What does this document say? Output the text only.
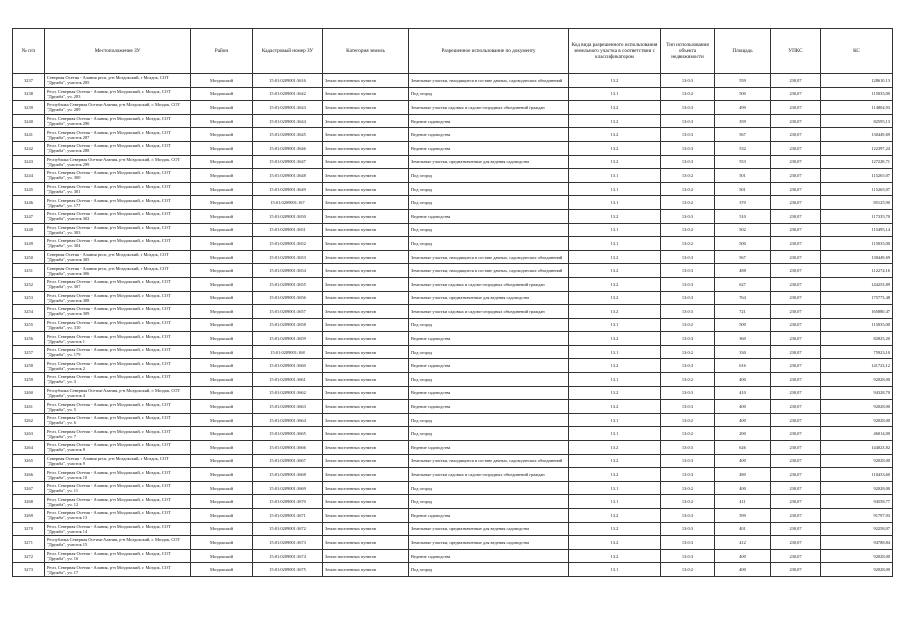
№ п/п	Местоположение ЗУ	Район	Кадастровый номер ЗУ	Категория земель	Разрешенное использование по документу	Код вида разрешенного использования земельного участка в соответствии с классификатором	Тип использования объекта недвижимости	Площадь	УПКС	КС
3237	Северная Осетия - Алания респ, р-н Моздокский, г Моздок, СОТ "Дружба", участок 285	Моздокский	15:01:0209001:3616	Земли населенных пунктов	Земельные участки, находящиеся в составе дачных, садоводческих объединений	13.2	13:0:3	559	230,07	128610,13
3238	Респ. Северная Осетия - Алания, р-н Моздокский, г. Моздок, СОТ "Дружба", уч. 283	Моздокский	15:01:0209001:3642	Земли населенных пунктов	Под огород	13.1	13:0:2	500	230,07	115035,00
3239	Республика Северная Осетия-Алания, р-н Моздокский, г. Моздок, СОТ "Дружба", уч. 289	Моздокский	15:01:0209001:3643	Земли населенных пунктов	Земельные участки садовых и садово-огородных объединений граждан	13.2	13:0:3	499	230,07	114804,93
3240	Респ. Северная Осетия - Алания, р-н Моздокский, г. Моздок, СОТ "Дружба", участок 290	Моздокский	15:01:0209001:3644	Земли населенных пунктов	Ведение садоводства	13.2	13:0:3	359	230,07	82595,13
3241	Респ. Северная Осетия - Алания, р-н Моздокский, г. Моздок, СОТ "Дружба", участок 287	Моздокский	15:01:0209001:3645	Земли населенных пунктов	Ведение садоводства	13.2	13:0:3	567	230,07	130449,69
3242	Респ. Северная Осетия - Алания, р-н Моздокский, г. Моздок, СОТ "Дружба", участок 288	Моздокский	15:01:0209001:3646	Земли населенных пунктов	Ведение садоводства	13.2	13:0:3	532	230,07	122397,24
3243	Республика Северная Осетия-Алания, р-н Моздокский, г. Моздок, СОТ "Дружба", участок 299	Моздокский	15:01:0209001:3647	Земли населенных пунктов	Земельные участки, предназначенные для ведения садоводства	13.2	13:0:3	553	230,07	127228,71
3244	Респ. Северная Осетия - Алания, р-н Моздокский, г. Моздок, СОТ "Дружба", уч. 300	Моздокский	15:01:0209001:3648	Земли населенных пунктов	Под огород	13.1	13:0:2	501	230,07	115265,07
3245	Респ. Северная Осетия - Алания, р-н Моздокский, г. Моздок, СОТ "Дружба", уч. 301	Моздокский	15:01:0209001:3649	Земли населенных пунктов	Под огород	13.1	13:0:2	501	230,07	115265,07
3246	Респ. Северная Осетия - Алания, р-н Моздокский, г. Моздок, СОТ "Дружба", уч. 177	Моздокский	15:01:0209001:167	Земли населенных пунктов	Под огород	13.1	13:0:2	370	230,07	85125,90
3247	Респ. Северная Осетия - Алания, р-н Моздокский, г. Моздок, СОТ "Дружба", участок 302	Моздокский	15:01:0209001:3650	Земли населенных пунктов	Ведение садоводства	13.2	13:0:3	510	230,07	117335,70
3248	Респ. Северная Осетия - Алания, р-н Моздокский, г. Моздок, СОТ "Дружба", уч. 303	Моздокский	15:01:0209001:3651	Земли населенных пунктов	Под огород	13.1	13:0:2	502	230,07	115495,14
3249	Респ. Северная Осетия - Алания, р-н Моздокский, г. Моздок, СОТ "Дружба", уч. 304	Моздокский	15:01:0209001:3652	Земли населенных пунктов	Под огород	13.1	13:0:2	500	230,07	115035,00
3250	Северная Осетия - Алания респ, р-н Моздокский, г Моздок, СОТ "Дружба", участок 305	Моздокский	15:01:0209001:3653	Земли населенных пунктов	Земельные участки, находящиеся в составе дачных, садоводческих объединений	13.2	13:0:3	567	230,07	130449,69
3251	Северная Осетия - Алания респ, р-н Моздокский, г Моздок, СОТ "Дружба", участок 306	Моздокский	15:01:0209001:3654	Земли населенных пунктов	Земельные участки, находящиеся в составе дачных, садоводческих объединений	13.2	13:0:3	488	230,07	112274,16
3252	Респ. Северная Осетия - Алания, р-н Моздокский, г. Моздок, СОТ "Дружба", уч. 307	Моздокский	15:01:0209001:3655	Земли населенных пунктов	Земельные участки садовых и садово-огородных объединений граждан	13.2	13:0:3	627	230,07	144253,89
3253	Респ. Северная Осетия - Алания, р-н Моздокский, г. Моздок, СОТ "Дружба", участок 308	Моздокский	15:01:0209001:3656	Земли населенных пунктов	Земельные участки, предназначенные для ведения садоводства	13.2	13:0:3	764	230,07	175773,48
3254	Респ. Северная Осетия - Алания, р-н Моздокский, г. Моздок, СОТ "Дружба", участок 309	Моздокский	15:01:0209001:3657	Земли населенных пунктов	Земельные участки садовых и садово-огородных объединений граждан	13.2	13:0:3	721	230,07	165880,47
3255	Респ. Северная Осетия - Алания, р-н Моздокский, г. Моздок, СОТ "Дружба", уч. 310	Моздокский	15:01:0209001:3658	Земли населенных пунктов	Под огород	13.1	13:0:2	500	230,07	115035,00
3256	Респ. Северная Осетия - Алания, р-н Моздокский, г. Моздок, СОТ "Дружба", участок 1	Моздокский	15:01:0209001:3659	Земли населенных пунктов	Ведение садоводства	13.2	13:0:3	360	230,07	82825,20
3257	Респ. Северная Осетия - Алания, р-н Моздокский, г. Моздок, СОТ "Дружба", уч. 179	Моздокский	15:01:0209001:168	Земли населенных пунктов	Под огород	13.1	13:0:2	330	230,07	75923,10
3258	Респ. Северная Осетия - Алания, р-н Моздокский, г. Моздок, СОТ "Дружба", участок 2	Моздокский	15:01:0209001:3660	Земли населенных пунктов	Ведение садоводства	13.2	13:0:3	616	230,07	141723,12
3259	Респ. Северная Осетия - Алания, р-н Моздокский, г. Моздок, СОТ "Дружба", уч. 3	Моздокский	15:01:0209001:3661	Земли населенных пунктов	Под огород	13.1	13:0:2	400	230,07	92028,00
3260	Республика Северная Осетия-Алания, р-н Моздокский, г. Моздок, СОТ "Дружба", участок 4	Моздокский	15:01:0209001:3662	Земли населенных пунктов	Ведение садоводства	13.2	13:0:3	410	230,07	94328,70
3261	Респ. Северная Осетия - Алания, р-н Моздокский, г. Моздок, СОТ "Дружба", уч. 5	Моздокский	15:01:0209001:3663	Земли населенных пунктов	Ведение садоводства	13.2	13:0:3	400	230,07	92028,00
3262	Респ. Северная Осетия - Алания, р-н Моздокский, г. Моздок, СОТ "Дружба", уч. 6	Моздокский	15:01:0209001:3664	Земли населенных пунктов	Под огород	13.1	13:0:2	400	230,07	92028,00
3263	Респ. Северная Осетия - Алания, р-н Моздокский, г. Моздок, СОТ "Дружба", уч. 7	Моздокский	15:01:0209001:3665	Земли населенных пунктов	Под огород	13.1	13:0:2	200	230,07	46014,00
3264	Респ. Северная Осетия - Алания, р-н Моздокский, г. Моздок, СОТ "Дружба", участок 8	Моздокский	15:01:0209001:3666	Земли населенных пунктов	Ведение садоводства	13.2	13:0:3	626	230,07	144023,82
3265	Северная Осетия - Алания респ, р-н Моздокский, г Моздок, СОТ "Дружба", участок 9	Моздокский	15:01:0209001:3667	Земли населенных пунктов	Земельные участки, находящиеся в составе дачных, садоводческих объединений	13.2	13:0:3	400	230,07	92028,00
3266	Респ. Северная Осетия - Алания, р-н Моздокский, г. Моздок, СОТ "Дружба", участок 10	Моздокский	15:01:0209001:3668	Земли населенных пунктов	Земельные участки садовых и садово-огородных объединений граждан	13.2	13:0:3	480	230,07	110433,60
3267	Респ. Северная Осетия - Алания, р-н Моздокский, г. Моздок, СОТ "Дружба", уч. 11	Моздокский	15:01:0209001:3669	Земли населенных пунктов	Под огород	13.1	13:0:2	400	230,07	92028,00
3268	Респ. Северная Осетия - Алания, р-н Моздокский, г. Моздок, СОТ "Дружба", уч. 12	Моздокский	15:01:0209001:3670	Земли населенных пунктов	Под огород	13.1	13:0:2	411	230,07	94558,77
3269	Респ. Северная Осетия - Алания, р-н Моздокский, г. Моздок, СОТ "Дружба", участок 13	Моздокский	15:01:0209001:3671	Земли населенных пунктов	Ведение садоводства	13.2	13:0:3	399	230,07	91797,93
3270	Респ. Северная Осетия - Алания, р-н Моздокский, г. Моздок, СОТ "Дружба", участок 14	Моздокский	15:01:0209001:3672	Земли населенных пунктов	Земельные участки, предназначенные для ведения садоводства	13.2	13:0:3	401	230,07	92258,07
3271	Республика Северная Осетия-Алания, р-н Моздокский, г. Моздок, СОТ "Дружба", участок 15	Моздокский	15:01:0209001:3673	Земли населенных пунктов	Земельные участки, предназначенные для ведения садоводства	13.2	13:0:3	412	230,07	94788,84
3272	Респ. Северная Осетия - Алания, р-н Моздокский, г. Моздок, СОТ "Дружба", уч. 16	Моздокский	15:01:0209001:3674	Земли населенных пунктов	Ведение садоводства	13.2	13:0:3	400	230,07	92028,00
3273	Респ. Северная Осетия - Алания, р-н Моздокский, г. Моздок, СОТ "Дружба", уч. 17	Моздокский	15:01:0209001:3675	Земли населенных пунктов	Под огород	13.1	13:0:2	400	230,07	92028,00
